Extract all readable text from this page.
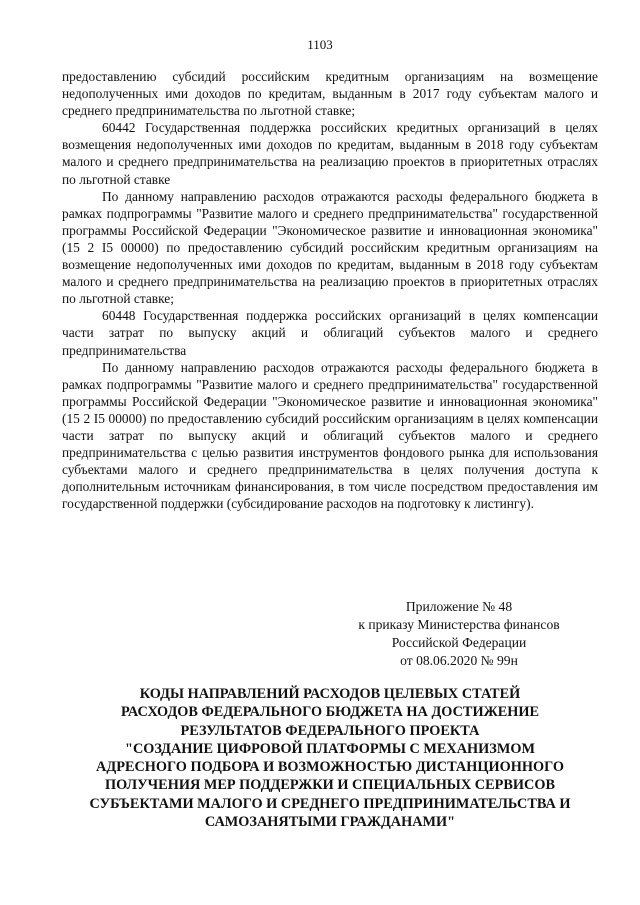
1103

предоставлению субсидий российским кредитным организациям на возмещение недополученных ими доходов по кредитам, выданным в 2017 году субъектам малого и среднего предпринимательства по льготной ставке;

60442 Государственная поддержка российских кредитных организаций в целях возмещения недополученных ими доходов по кредитам, выданным в 2018 году субъектам малого и среднего предпринимательства на реализацию проектов в приоритетных отраслях по льготной ставке

По данному направлению расходов отражаются расходы федерального бюджета в рамках подпрограммы "Развитие малого и среднего предпринимательства" государственной программы Российской Федерации "Экономическое развитие и инновационная экономика" (15 2 I5 00000) по предоставлению субсидий российским кредитным организациям на возмещение недополученных ими доходов по кредитам, выданным в 2018 году субъектам малого и среднего предпринимательства на реализацию проектов в приоритетных отраслях по льготной ставке;

60448 Государственная поддержка российских организаций в целях компенсации части затрат по выпуску акций и облигаций субъектов малого и среднего предпринимательства

По данному направлению расходов отражаются расходы федерального бюджета в рамках подпрограммы "Развитие малого и среднего предпринимательства" государственной программы Российской Федерации "Экономическое развитие и инновационная экономика" (15 2 I5 00000) по предоставлению субсидий российским организациям в целях компенсации части затрат по выпуску акций и облигаций субъектов малого и среднего предпринимательства с целью развития инструментов фондового рынка для использования субъектами малого и среднего предпринимательства в целях получения доступа к дополнительным источникам финансирования, в том числе посредством предоставления им государственной поддержки (субсидирование расходов на подготовку к листингу).

Приложение № 48
к приказу Министерства финансов
Российской Федерации
от 08.06.2020 № 99н
КОДЫ НАПРАВЛЕНИЙ РАСХОДОВ ЦЕЛЕВЫХ СТАТЕЙ
РАСХОДОВ ФЕДЕРАЛЬНОГО БЮДЖЕТА НА ДОСТИЖЕНИЕ
РЕЗУЛЬТАТОВ ФЕДЕРАЛЬНОГО ПРОЕКТА
"СОЗДАНИЕ ЦИФРОВОЙ ПЛАТФОРМЫ С МЕХАНИЗМОМ
АДРЕСНОГО ПОДБОРА И ВОЗМОЖНОСТЬЮ ДИСТАНЦИОННОГО
ПОЛУЧЕНИЯ МЕР ПОДДЕРЖКИ И СПЕЦИАЛЬНЫХ СЕРВИСОВ
СУБЪЕКТАМИ МАЛОГО И СРЕДНЕГО ПРЕДПРИНИМАТЕЛЬСТВА И
САМОЗАНЯТЫМИ ГРАЖДАНАМИ"
